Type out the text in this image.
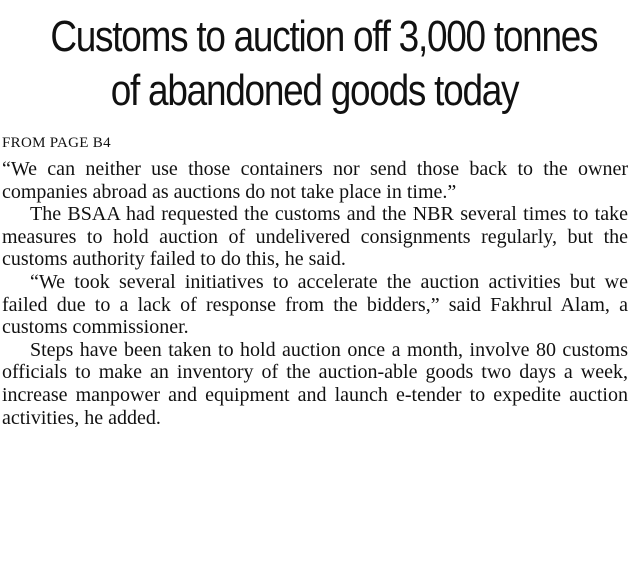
Customs to auction off 3,000 tonnes
of abandoned goods today
FROM PAGE B4

“We can neither use those containers nor send those back to the owner companies abroad as auctions do not take place in time.”

The BSAA had requested the customs and the NBR several times to take measures to hold auction of undelivered consignments regularly, but the customs authority failed to do this, he said.

“We took several initiatives to accelerate the auction activities but we failed due to a lack of response from the bidders,” said Fakhrul Alam, a customs commissioner.

Steps have been taken to hold auction once a month, involve 80 customs officials to make an inventory of the auction-able goods two days a week, increase manpower and equipment and launch e-tender to expedite auction activities, he added.
